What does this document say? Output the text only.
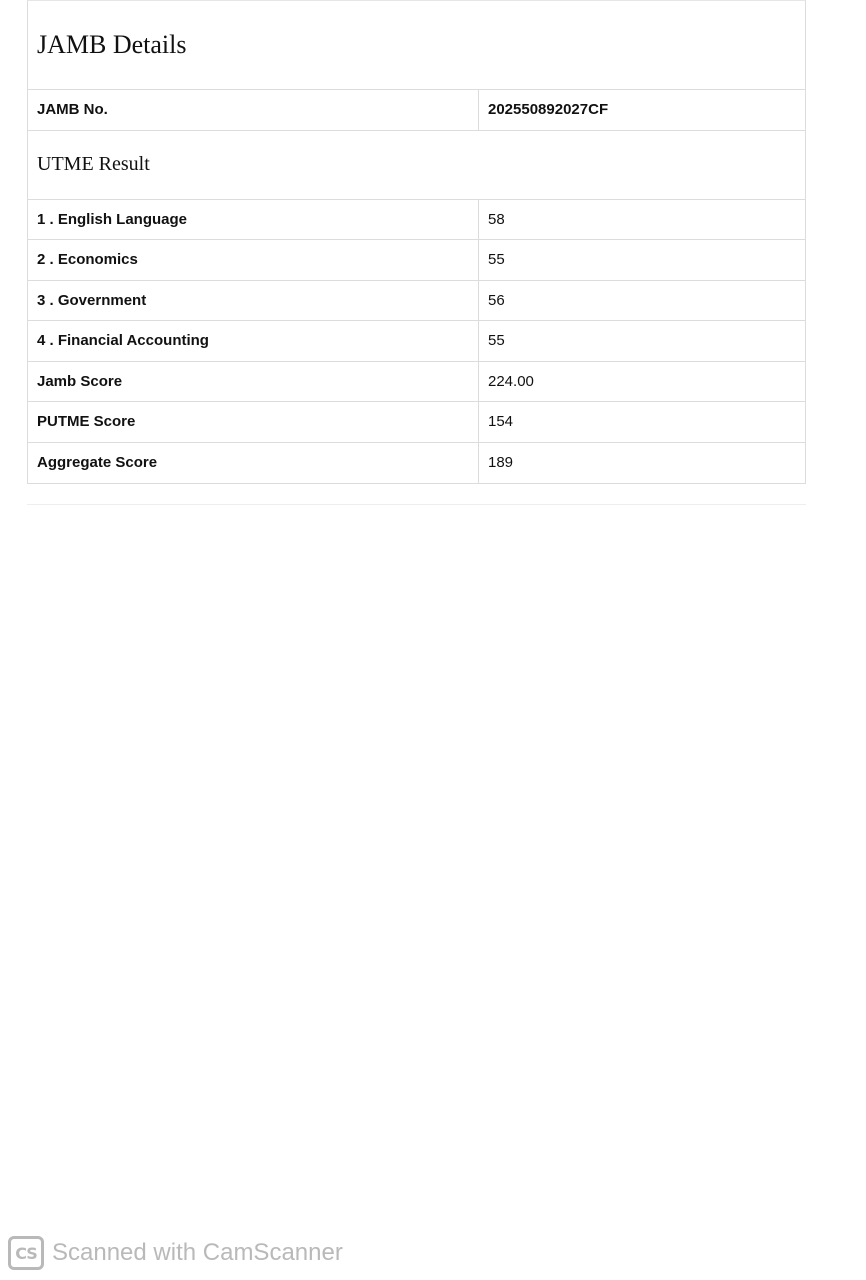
JAMB Details
JAMB No.	202550892027CF
UTME Result
1 . English Language	58
2 . Economics	55
3 . Government	56
4 . Financial Accounting	55
Jamb Score	224.00
PUTME Score	154
Aggregate Score	189
CS Scanned with CamScanner
